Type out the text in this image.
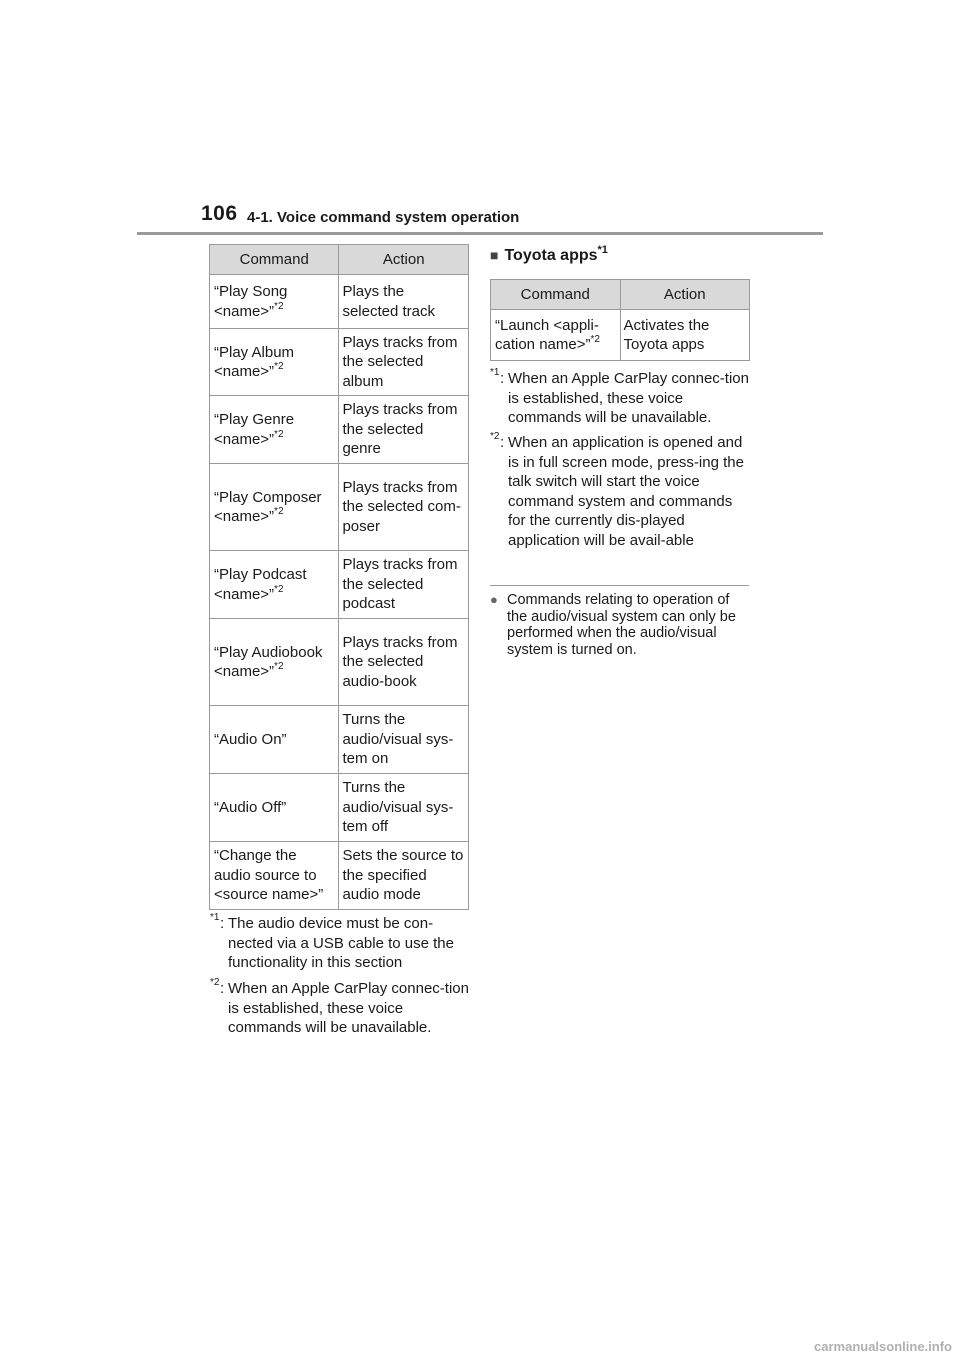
106 4-1. Voice command system operation
Command	Action
“Play Song <name>”$^{*2}$	Plays the selected track
“Play Album <name>”$^{*2}$	Plays tracks from the selected album
“Play Genre <name>”$^{*2}$	Plays tracks from the selected genre
“Play Composer <name>”$^{*2}$	Plays tracks from the selected com-poser
“Play Podcast <name>”$^{*2}$	Plays tracks from the selected podcast
“Play Audiobook <name>”$^{*2}$	Plays tracks from the selected audio-book
“Audio On”	Turns the audio/visual sys-tem on
“Audio Off”	Turns the audio/visual sys-tem off
“Change the audio source to <source name>”	Sets the source to the specified audio mode
*1 : The audio device must be con-nected via a USB cable to use the functionality in this section
*2 : When an Apple CarPlay connec-tion is established, these voice commands will be unavailable.
■ Toyota apps$^{*1}$
Command	Action
“Launch <appli-cation name>”$^{*2}$	Activates the Toyota apps
*1 : When an Apple CarPlay connec-tion is established, these voice commands will be unavailable.
*2 : When an application is opened and is in full screen mode, press-ing the talk switch will start the voice command system and commands for the currently dis-played application will be avail-able
● Commands relating to operation of the audio/visual system can only be performed when the audio/visual system is turned on.
carmanualsonline.info
